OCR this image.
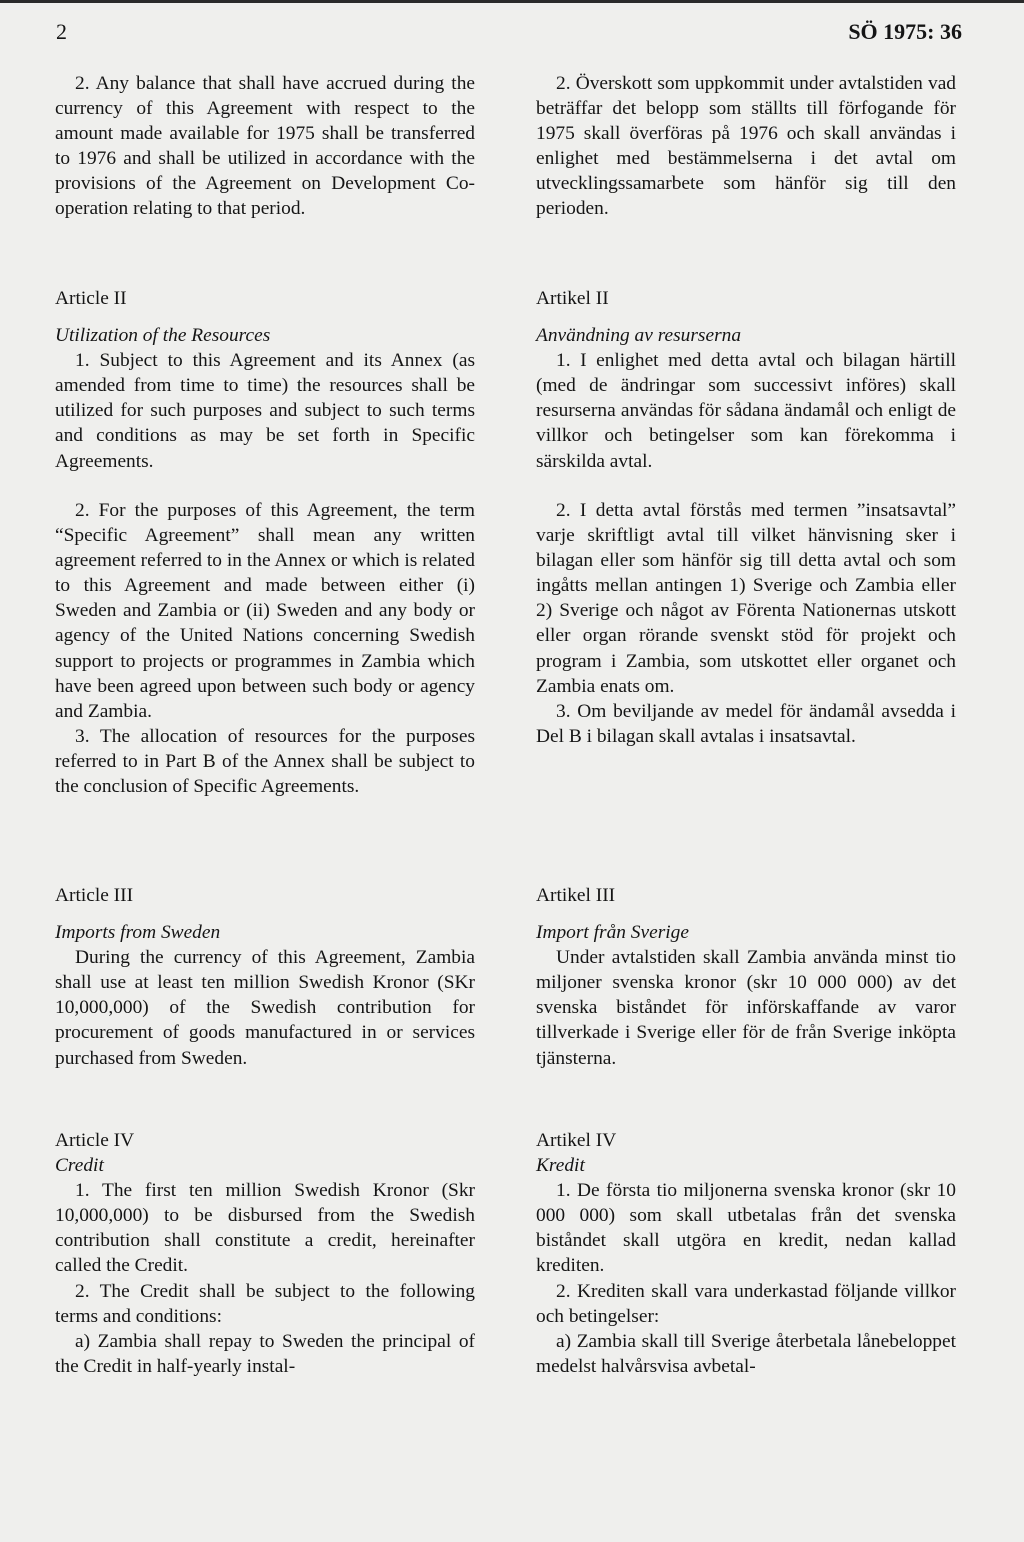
2	SÖ 1975: 36

2. Any balance that shall have accrued during the currency of this Agreement with respect to the amount made available for 1975 shall be transferred to 1976 and shall be utilized in accordance with the provisions of the Agreement on Development Co-operation relating to that period.

Article II
Utilization of the Resources

1. Subject to this Agreement and its Annex (as amended from time to time) the resources shall be utilized for such purposes and subject to such terms and conditions as may be set forth in Specific Agreements.

2. For the purposes of this Agreement, the term “Specific Agreement” shall mean any written agreement referred to in the Annex or which is related to this Agreement and made between either (i) Sweden and Zambia or (ii) Sweden and any body or agency of the United Nations concerning Swedish support to projects or programmes in Zambia which have been agreed upon between such body or agency and Zambia.

3. The allocation of resources for the purposes referred to in Part B of the Annex shall be subject to the conclusion of Specific Agreements.

Article III
Imports from Sweden

During the currency of this Agreement, Zambia shall use at least ten million Swedish Kronor (SKr 10,000,000) of the Swedish contribution for procurement of goods manufactured in or services purchased from Sweden.

Article IV
Credit

1. The first ten million Swedish Kronor (Skr 10,000,000) to be disbursed from the Swedish contribution shall constitute a credit, hereinafter called the Credit.

2. The Credit shall be subject to the following terms and conditions:

a) Zambia shall repay to Sweden the principal of the Credit in half-yearly instal-

2. Överskott som uppkommit under avtalstiden vad beträffar det belopp som ställts till förfogande för 1975 skall överföras på 1976 och skall användas i enlighet med bestämmelserna i det avtal om utvecklingssamarbete som hänför sig till den perioden.

Artikel II
Användning av resurserna

1. I enlighet med detta avtal och bilagan härtill (med de ändringar som successivt införes) skall resurserna användas för sådana ändamål och enligt de villkor och betingelser som kan förekomma i särskilda avtal.

2. I detta avtal förstås med termen ”insatsavtal” varje skriftligt avtal till vilket hänvisning sker i bilagan eller som hänför sig till detta avtal och som ingåtts mellan antingen 1) Sverige och Zambia eller 2) Sverige och något av Förenta Nationernas utskott eller organ rörande svenskt stöd för projekt och program i Zambia, som utskottet eller organet och Zambia enats om.

3. Om beviljande av medel för ändamål avsedda i Del B i bilagan skall avtalas i insatsavtal.

Artikel III
Import från Sverige

Under avtalstiden skall Zambia använda minst tio miljoner svenska kronor (skr 10 000 000) av det svenska biståndet för införskaffande av varor tillverkade i Sverige eller för de från Sverige inköpta tjänsterna.

Artikel IV
Kredit

1. De första tio miljonerna svenska kronor (skr 10 000 000) som skall utbetalas från det svenska biståndet skall utgöra en kredit, nedan kallad krediten.

2. Krediten skall vara underkastad följande villkor och betingelser:

a) Zambia skall till Sverige återbetala lånebeloppet medelst halvårsvisa avbetal-
